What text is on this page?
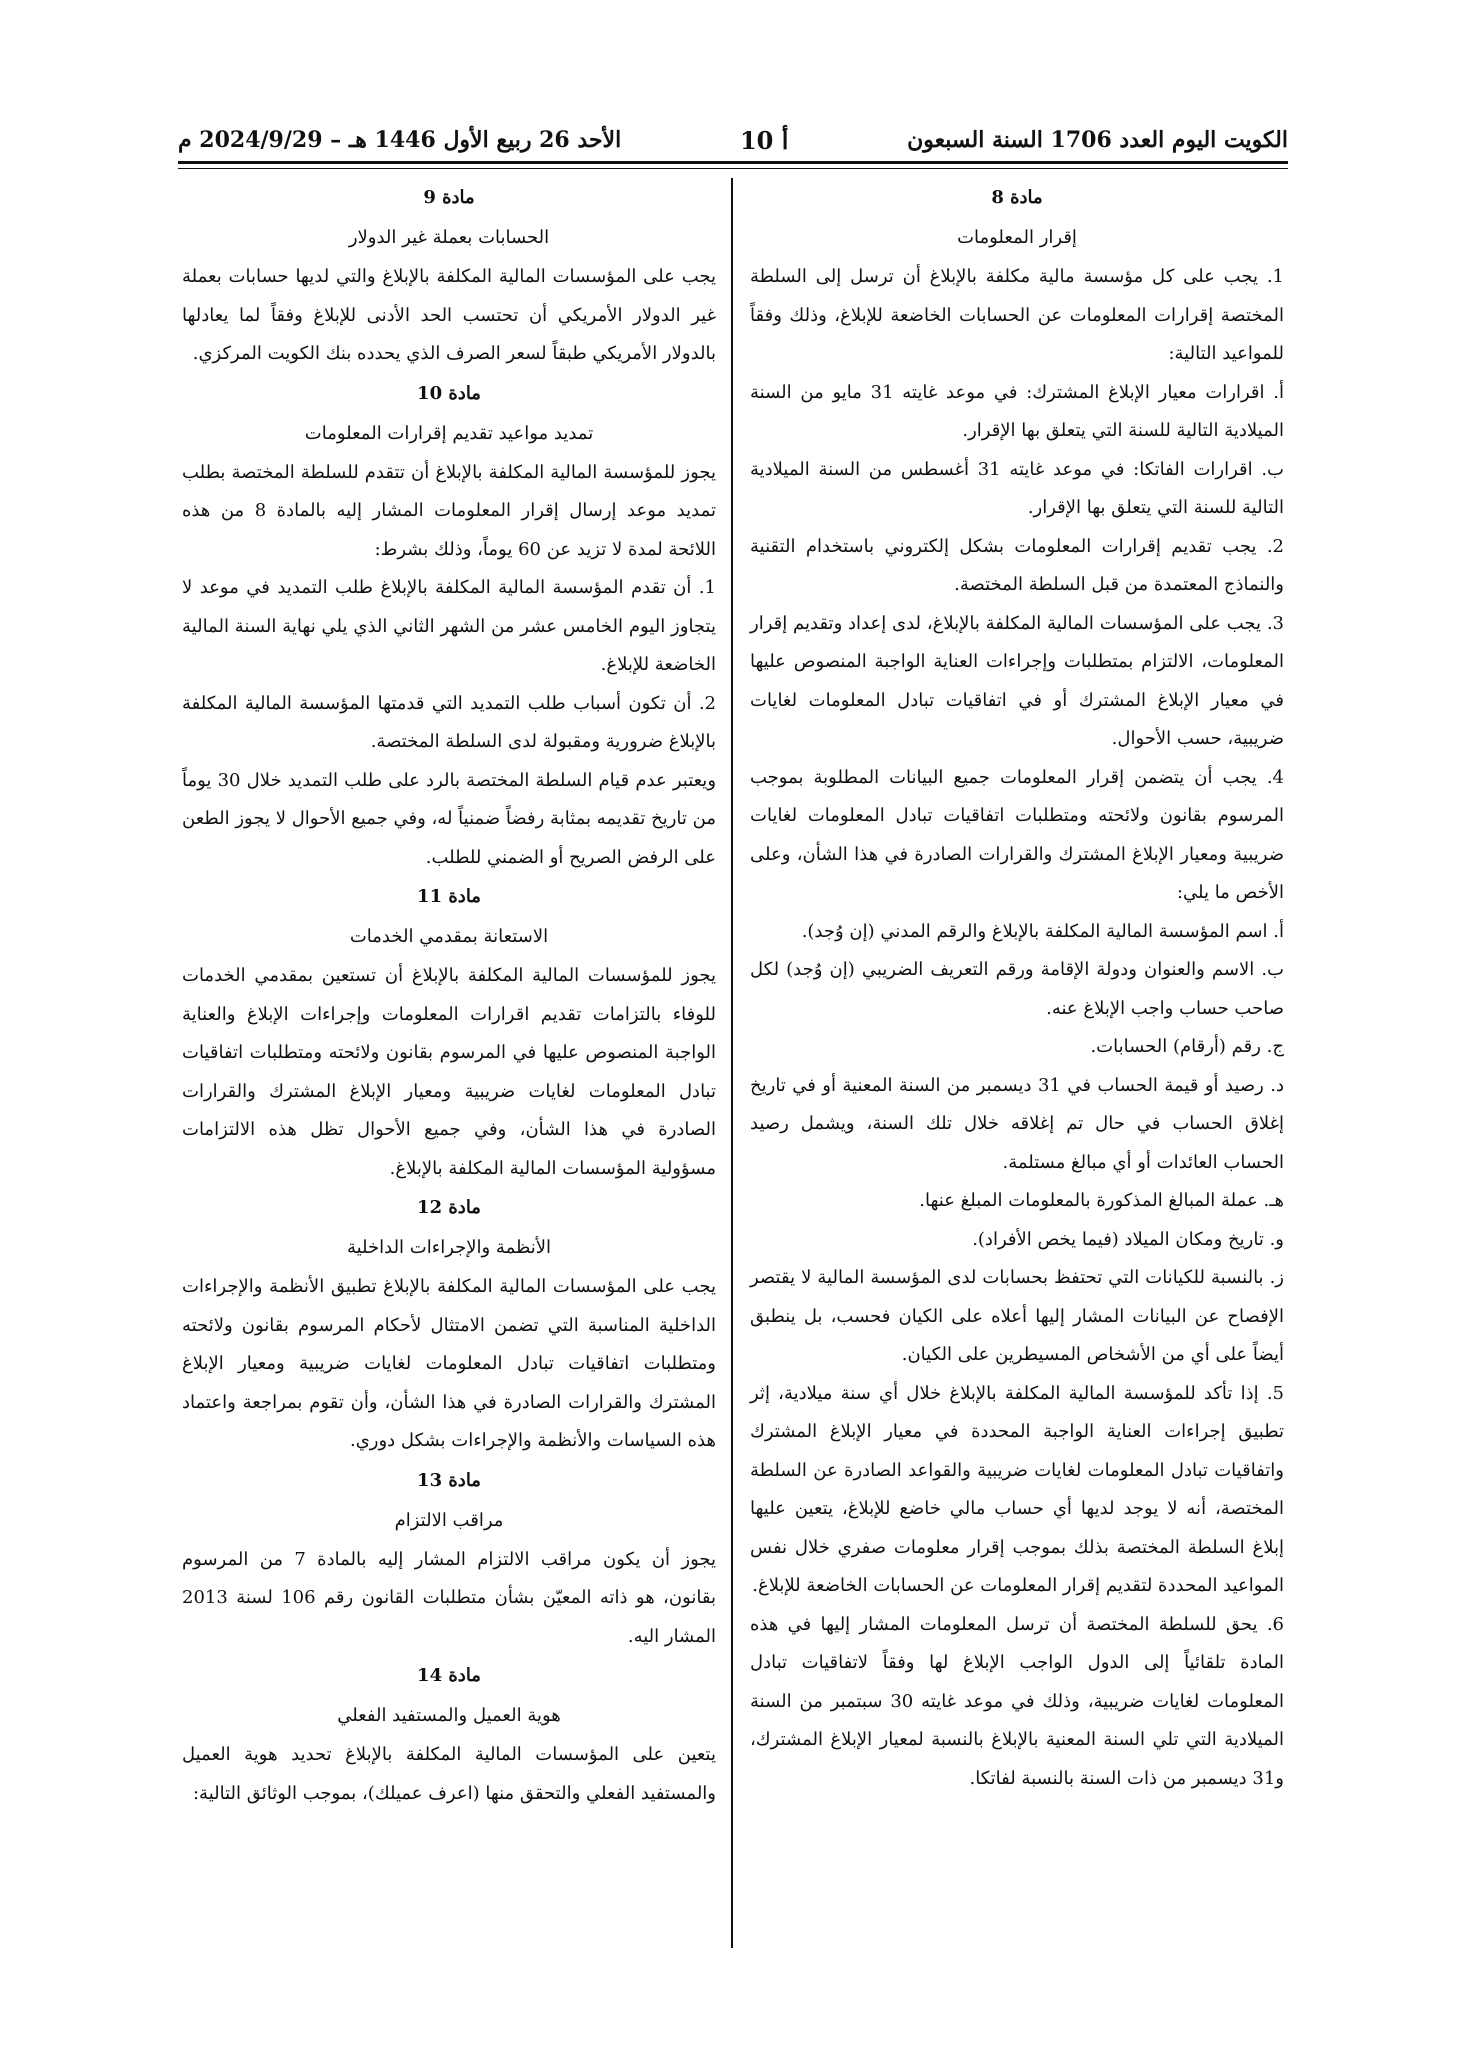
الكويت اليوم العدد 1706 السنة السبعون
أ 10
الأحد 26 ربيع الأول 1446 هـ – 2024/9/29 م
مادة 8
إقرار المعلومات

1. يجب على كل مؤسسة مالية مكلفة بالإبلاغ أن ترسل إلى السلطة المختصة إقرارات المعلومات عن الحسابات الخاضعة للإبلاغ، وذلك وفقاً للمواعيد التالية:

أ. اقرارات معيار الإبلاغ المشترك: في موعد غايته 31 مايو من السنة الميلادية التالية للسنة التي يتعلق بها الإقرار.

ب. اقرارات الفاتكا: في موعد غايته 31 أغسطس من السنة الميلادية التالية للسنة التي يتعلق بها الإقرار.

2. يجب تقديم إقرارات المعلومات بشكل إلكتروني باستخدام التقنية والنماذج المعتمدة من قبل السلطة المختصة.

3. يجب على المؤسسات المالية المكلفة بالإبلاغ، لدى إعداد وتقديم إقرار المعلومات، الالتزام بمتطلبات وإجراءات العناية الواجبة المنصوص عليها في معيار الإبلاغ المشترك أو في اتفاقيات تبادل المعلومات لغايات ضريبية، حسب الأحوال.

4. يجب أن يتضمن إقرار المعلومات جميع البيانات المطلوبة بموجب المرسوم بقانون ولائحته ومتطلبات اتفاقيات تبادل المعلومات لغايات ضريبية ومعيار الإبلاغ المشترك والقرارات الصادرة في هذا الشأن، وعلى الأخص ما يلي:

أ. اسم المؤسسة المالية المكلفة بالإبلاغ والرقم المدني (إن وُجد).

ب. الاسم والعنوان ودولة الإقامة ورقم التعريف الضريبي (إن وُجد) لكل صاحب حساب واجب الإبلاغ عنه.

ج. رقم (أرقام) الحسابات.

د. رصيد أو قيمة الحساب في 31 ديسمبر من السنة المعنية أو في تاريخ إغلاق الحساب في حال تم إغلاقه خلال تلك السنة، ويشمل رصيد الحساب العائدات أو أي مبالغ مستلمة.

هـ. عملة المبالغ المذكورة بالمعلومات المبلغ عنها.

و. تاريخ ومكان الميلاد (فيما يخص الأفراد).

ز. بالنسبة للكيانات التي تحتفظ بحسابات لدى المؤسسة المالية لا يقتصر الإفصاح عن البيانات المشار إليها أعلاه على الكيان فحسب، بل ينطبق أيضاً على أي من الأشخاص المسيطرين على الكيان.

5. إذا تأكد للمؤسسة المالية المكلفة بالإبلاغ خلال أي سنة ميلادية، إثر تطبيق إجراءات العناية الواجبة المحددة في معيار الإبلاغ المشترك واتفاقيات تبادل المعلومات لغايات ضريبية والقواعد الصادرة عن السلطة المختصة، أنه لا يوجد لديها أي حساب مالي خاضع للإبلاغ، يتعين عليها إبلاغ السلطة المختصة بذلك بموجب إقرار معلومات صفري خلال نفس المواعيد المحددة لتقديم إقرار المعلومات عن الحسابات الخاضعة للإبلاغ.

6. يحق للسلطة المختصة أن ترسل المعلومات المشار إليها في هذه المادة تلقائياً إلى الدول الواجب الإبلاغ لها وفقاً لاتفاقيات تبادل المعلومات لغايات ضريبية، وذلك في موعد غايته 30 سبتمبر من السنة الميلادية التي تلي السنة المعنية بالإبلاغ بالنسبة لمعيار الإبلاغ المشترك، و31 ديسمبر من ذات السنة بالنسبة لفاتكا.

مادة 9
الحسابات بعملة غير الدولار

يجب على المؤسسات المالية المكلفة بالإبلاغ والتي لديها حسابات بعملة غير الدولار الأمريكي أن تحتسب الحد الأدنى للإبلاغ وفقاً لما يعادلها بالدولار الأمريكي طبقاً لسعر الصرف الذي يحدده بنك الكويت المركزي.

مادة 10
تمديد مواعيد تقديم إقرارات المعلومات

يجوز للمؤسسة المالية المكلفة بالإبلاغ أن تتقدم للسلطة المختصة بطلب تمديد موعد إرسال إقرار المعلومات المشار إليه بالمادة 8 من هذه اللائحة لمدة لا تزيد عن 60 يوماً، وذلك بشرط:

1. أن تقدم المؤسسة المالية المكلفة بالإبلاغ طلب التمديد في موعد لا يتجاوز اليوم الخامس عشر من الشهر الثاني الذي يلي نهاية السنة المالية الخاضعة للإبلاغ.

2. أن تكون أسباب طلب التمديد التي قدمتها المؤسسة المالية المكلفة بالإبلاغ ضرورية ومقبولة لدى السلطة المختصة.

ويعتبر عدم قيام السلطة المختصة بالرد على طلب التمديد خلال 30 يوماً من تاريخ تقديمه بمثابة رفضاً ضمنياً له، وفي جميع الأحوال لا يجوز الطعن على الرفض الصريح أو الضمني للطلب.

مادة 11
الاستعانة بمقدمي الخدمات

يجوز للمؤسسات المالية المكلفة بالإبلاغ أن تستعين بمقدمي الخدمات للوفاء بالتزامات تقديم اقرارات المعلومات وإجراءات الإبلاغ والعناية الواجبة المنصوص عليها في المرسوم بقانون ولائحته ومتطلبات اتفاقيات تبادل المعلومات لغايات ضريبية ومعيار الإبلاغ المشترك والقرارات الصادرة في هذا الشأن، وفي جميع الأحوال تظل هذه الالتزامات مسؤولية المؤسسات المالية المكلفة بالإبلاغ.

مادة 12
الأنظمة والإجراءات الداخلية

يجب على المؤسسات المالية المكلفة بالإبلاغ تطبيق الأنظمة والإجراءات الداخلية المناسبة التي تضمن الامتثال لأحكام المرسوم بقانون ولائحته ومتطلبات اتفاقيات تبادل المعلومات لغايات ضريبية ومعيار الإبلاغ المشترك والقرارات الصادرة في هذا الشأن، وأن تقوم بمراجعة واعتماد هذه السياسات والأنظمة والإجراءات بشكل دوري.

مادة 13
مراقب الالتزام

يجوز أن يكون مراقب الالتزام المشار إليه بالمادة 7 من المرسوم بقانون، هو ذاته المعيّن بشأن متطلبات القانون رقم 106 لسنة 2013 المشار اليه.

مادة 14
هوية العميل والمستفيد الفعلي

يتعين على المؤسسات المالية المكلفة بالإبلاغ تحديد هوية العميل والمستفيد الفعلي والتحقق منها (اعرف عميلك)، بموجب الوثائق التالية:
